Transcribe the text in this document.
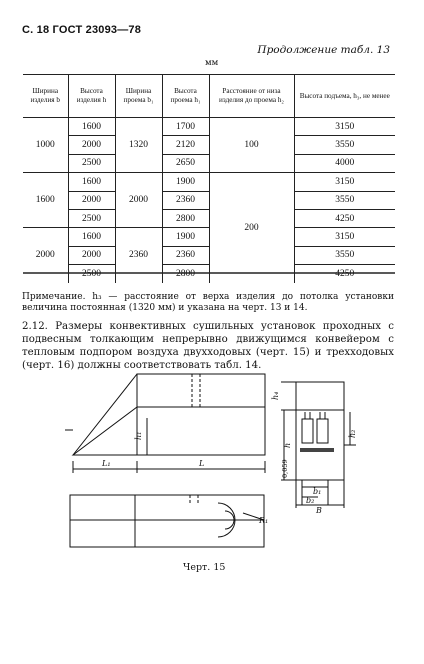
С. 18 ГОСТ 23093—78
Продолжение табл. 13
мм
Ширина изделия b	Высота изделия h	Ширина проема b₁	Высота проема h₁	Расстояние от низа изделия до проема h₂	Высота подъема, h₃, не менее
1000	1600	1320	1700	100	3150
	2000		2120		3550
	2500		2650		4000
1600	1600	2000	1900	200	3150
	2000		2360		3550
	2500		2800		4250
2000	1600	2360	1900		3150
	2000		2360		3550
	2500		2800		4250
Примечание. h₃ — расстояние от верха изделия до потолка установки величина постоянная (1320 мм) и указана на черт. 13 и 14.
2.12. Размеры конвективных сушильных установок проходных с подвесным толкающим непрерывно движущимся конвейером с тепловым подпором воздуха двухходовых (черт. 15) и трехходовых (черт. 16) должны соответствовать табл. 14.
h₁
L₁	L
R₁
h₄
h
0,059
h₂
b₁
b₂
B
Черт. 15
